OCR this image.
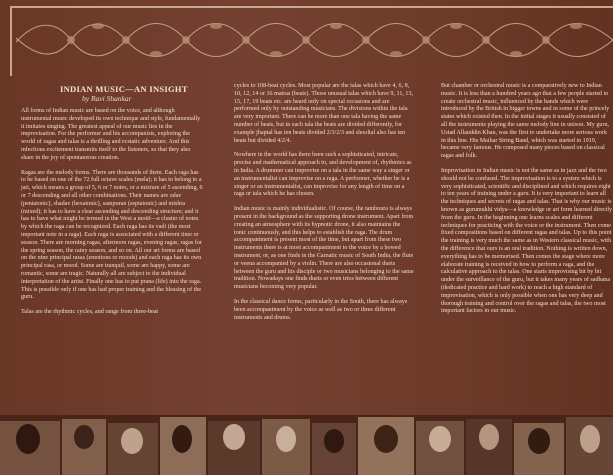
INDIAN MUSIC—AN INSIGHT
by Ravi Shankar

All forms of Indian music are based on the voice, and although instrumental music developed its own technique and style, fundamentally it imitates singing. The greatest appeal of our music lies in the improvisation. For the performer and his accompanists, exploring the world of ragas and talas is a thrilling and ecstatic adventure. And this infectious excitement transmits itself to the listeners, so that they also share in the joy of spontaneous creation.

Ragas are the melody forms. There are thousands of them. Each raga has to be based on one of the 72 full octave scales (mela); it has to belong to a jati, which means a group of 5, 6 or 7 notes, or a mixture of 5 ascending, 6 or 7 descending and all other combinations. Their names are odav (pentatonic), shadav (hexatonic), sampuran (septatonic) and mishra (mixed); it has to have a clear ascending and descending structure; and it has to have what might be termed in the West a motif—a cluster of notes by which the raga can be recognized. Each raga has its vadi (the most important note in a raga). Each raga is associated with a different time or season. There are morning ragas, afternoon ragas, evening ragas, ragas for the spring season, the rainy season, and so on. All our art forms are based on the nine principal rasas (emotions or moods) and each raga has its own principal rasa, or mood. Some are tranquil, some are happy, some are romantic, some are tragic. Naturally all are subject to the individual interpretation of the artist. Finally one has to put prana (life) into the raga. This is possible only if one has had proper training and the blessing of the guru.

Talas are the rhythmic cycles, and range from three-beat

cycles to 108-beat cycles. Most popular are the talas which have 4, 6, 8, 10, 12, 14 or 16 matras (beats). Those unusual talas which have 9, 11, 13, 15, 17, 19 beats etc. are heard only on special occasions and are performed only by outstanding musicians. The divisions within the tala are very important. There can be more than one tala having the same number of beats, but in each tala the beats are divided differently, for example jhaptal has ten beats divided 2/3/2/3 and shooltal also has ten beats but divided 4/2/4.

Nowhere in the world has there been such a sophisticated, intricate, precise and mathematical approach to, and development of, rhythmics as in India. A drummer can improvise on a tala in the same way a singer or an instrumentalist can improvise on a raga. A performer, whether he is a singer or an instrumentalist, can improvise for any length of time on a raga or tala which he has chosen.

Indian music is mainly individualistic. Of course, the tamboura is always present in the background as the supporting drone instrument. Apart from creating an atmosphere with its hypnotic drone, it also maintains the tonic continuously, and this helps to establish the raga. The drum accompaniment is present most of the time, but apart from these two instruments there is at most accompaniment to the voice by a bowed instrument, or, as one finds in the Carnatic music of South India, the flute or veena accompanied by a violin. There are also occasional duets between the guru and his disciple or two musicians belonging to the same tradition. Nowadays one finds duets or even trios between different musicians becoming very popular.

In the classical dance forms, particularly in the South, there has always been accompaniment by the voice as well as two or three different instruments and drums.

But chamber or orchestral music is a comparatively new to Indian music. It is less than a hundred years ago that a few people started to create orchestral music, influenced by the bands which were introduced by the British in bigger towns and in some of the princely states which existed then. In the initial stages it usually consisted of all the instruments playing the same melody line in unison. My guru, Ustad Allauddin Khan, was the first to undertake more serious work in this line. His Maihar String Band, which was started in 1919, became very famous. He composed many pieces based on classical ragas and folk.

Improvisation in Indian music is not the same as in jazz and the two should not be confused. The improvisation is to a system which is very sophisticated, scientific and disciplined and which requires eight to ten years of training under a guru. It is very important to learn all the techniques and secrets of ragas and talas. That is why our music is known as gurumukhi vidya—a knowledge or art form learned directly from the guru. In the beginning one learns scales and different techniques for practicing with the voice or the instrument. Then come fixed compositions based on different ragas and talas. Up to this point the training is very much the same as in Western classical music, with the difference that ours is an oral tradition. Nothing is written down, everything has to be memorised. Then comes the stage where more elaborate training is received in how to perform a raga, and the calculative approach to the talas. One starts improvising bit by bit under the surveillance of the guru, but it takes many years of sadhana (dedicated practice and hard work) to reach a high standard of improvisation, which is only possible when one has very deep and thorough training and control over the ragas and talas, the two most important factors in our music.
